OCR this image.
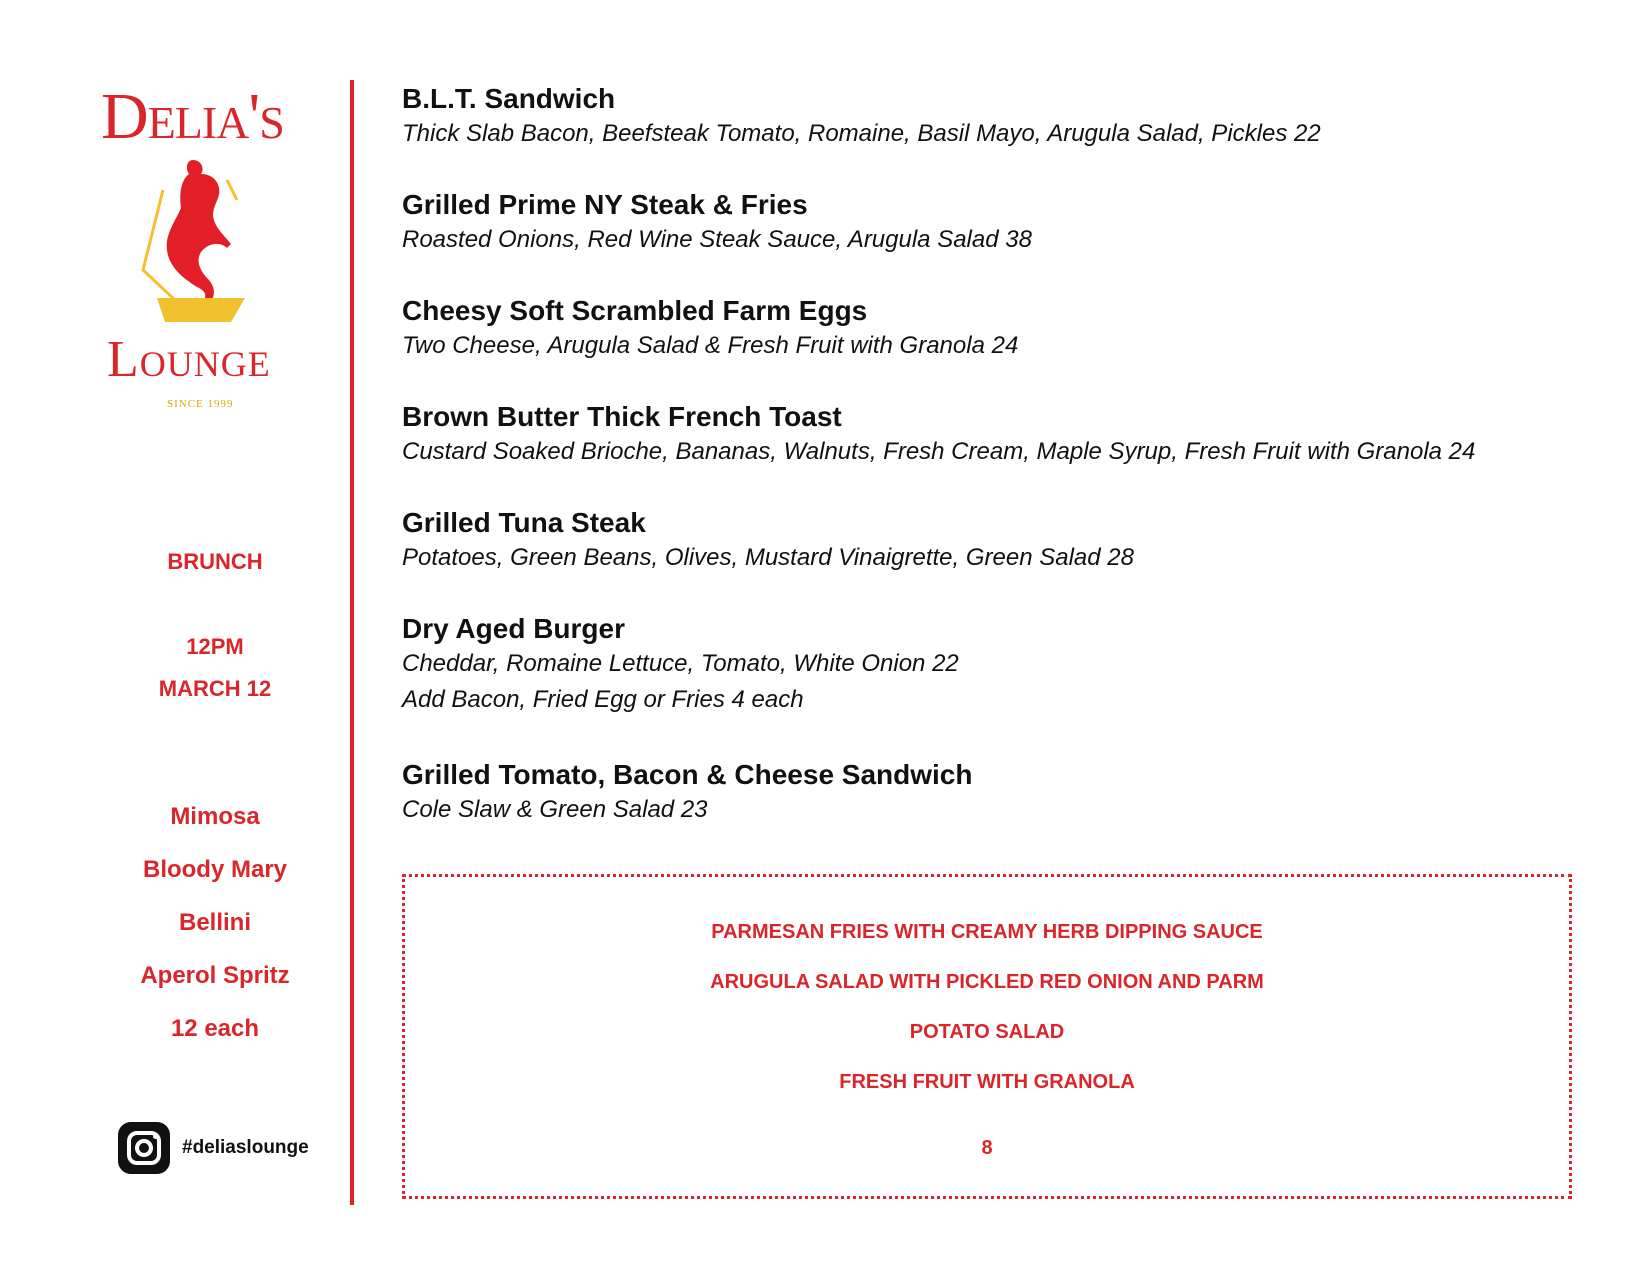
Delia's
Lounge
SINCE 1999
BRUNCH
12PM
MARCH 12
Mimosa
Bloody Mary
Bellini
Aperol Spritz
12 each
#deliaslounge
B.L.T. Sandwich
Thick Slab Bacon, Beefsteak Tomato, Romaine, Basil Mayo, Arugula Salad, Pickles 22
Grilled Prime NY Steak & Fries
Roasted Onions, Red Wine Steak Sauce, Arugula Salad 38
Cheesy Soft Scrambled Farm Eggs
Two Cheese, Arugula Salad & Fresh Fruit with Granola 24
Brown Butter Thick French Toast
Custard Soaked Brioche, Bananas, Walnuts, Fresh Cream, Maple Syrup, Fresh Fruit with Granola 24
Grilled Tuna Steak
Potatoes, Green Beans, Olives, Mustard Vinaigrette, Green Salad 28
Dry Aged Burger
Cheddar, Romaine Lettuce, Tomato, White Onion 22
Add Bacon, Fried Egg or Fries 4 each
Grilled Tomato, Bacon & Cheese Sandwich
Cole Slaw & Green Salad 23
PARMESAN FRIES WITH CREAMY HERB DIPPING SAUCE
ARUGULA SALAD WITH PICKLED RED ONION AND PARM
POTATO SALAD
FRESH FRUIT WITH GRANOLA
8
